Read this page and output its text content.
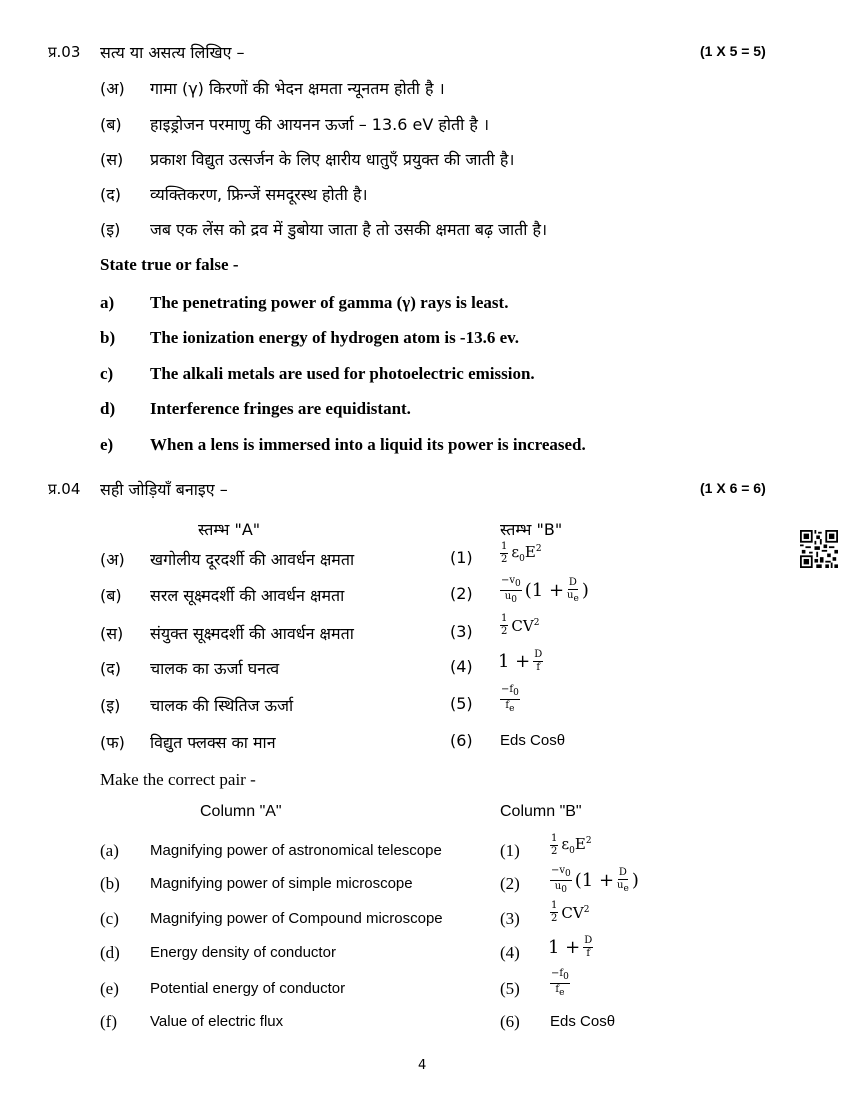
प्र.03 सत्य या असत्य लिखिए –	(1 X 5 = 5)
(अ) गामा (γ) किरणों की भेदन क्षमता न्यूनतम होती है ।
(ब) हाइड्रोजन परमाणु की आयनन ऊर्जा – 13.6 eV होती है ।
(स) प्रकाश विद्युत उत्सर्जन के लिए क्षारीय धातुएँ प्रयुक्त की जाती है।
(द) व्यक्तिकरण, फ्रिन्जें समदूरस्थ होती है।
(इ) जब एक लेंस को द्रव में डुबोया जाता है तो उसकी क्षमता बढ़ जाती है।
State true or false -
a) The penetrating power of gamma (γ) rays is least.
b) The ionization energy of hydrogen atom is -13.6 ev.
c) The alkali metals are used for photoelectric emission.
d) Interference fringes are equidistant.
e) When a lens is immersed into a liquid its power is increased.
प्र.04 सही जोड़ियाँ बनाइए –	(1 X 6 = 6)
स्तम्भ "A"	स्तम्भ "B"
(अ) खगोलीय दूरदर्शी की आवर्धन क्षमता	(1)	$\frac{1}{2} \varepsilon_0E^2$
(ब) सरल सूक्ष्मदर्शी की आवर्धन क्षमता	(2)	$\frac{-v_0}{u_0} (1 + \frac{D}{u_e}$ )
(स) संयुक्त सूक्ष्मदर्शी की आवर्धन क्षमता	(3)	$\frac{1}{2} CV^2$
(द) चालक का ऊर्जा घनत्व	(4) $1 + \frac{D}{f}$
(इ) चालक की स्थितिज ऊर्जा	(5)	$\frac{-f_0}{f_e}$
(फ) विद्युत फ्लक्स का मान	(6) Eds Cosθ
Make the correct pair -
Column "A"	Column "B"
(a) Magnifying power of astronomical telescope	(1)	$\frac{1}{2} \varepsilon_0E^2$
(b) Magnifying power of simple microscope	(2)	$\frac{-v_0}{u_0} (1 + \frac{D}{u_e}$ )
(c) Magnifying power of Compound microscope	(3)	$\frac{1}{2} CV^2$
(d) Energy density of conductor	(4) $1 + \frac{D}{f}$
(e) Potential energy of conductor	(5)	$\frac{-f_0}{f_e}$
(f) Value of electric flux	(6) Eds Cosθ
4
